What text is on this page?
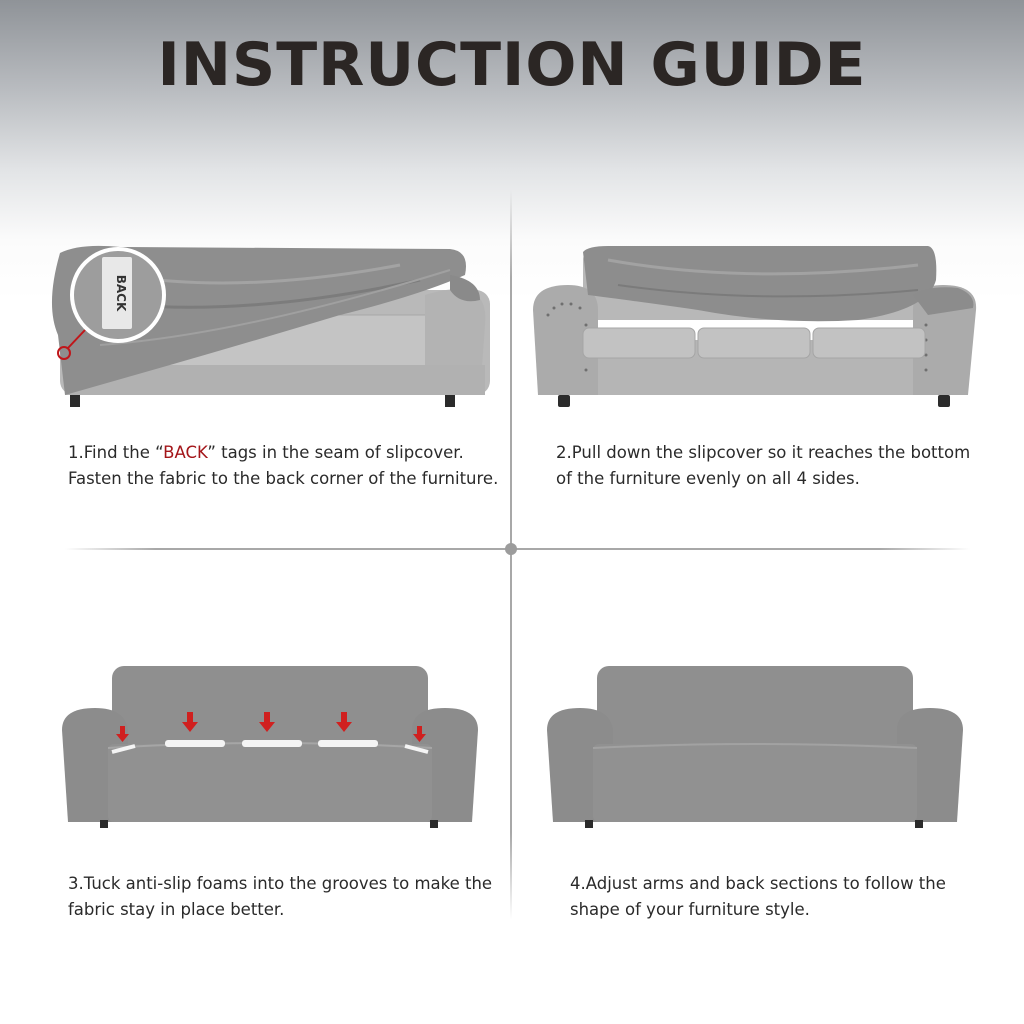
INSTRUCTION GUIDE
BACK

1.Find the “BACK” tags in the seam of slipcover.
Fasten the fabric to the back corner of the furniture.

2.Pull down the slipcover so it reaches the bottom
of the furniture evenly on all 4 sides.

3.Tuck anti-slip foams into the grooves to make the
fabric stay in place better.

4.Adjust arms and back sections to follow the
shape of your furniture style.
